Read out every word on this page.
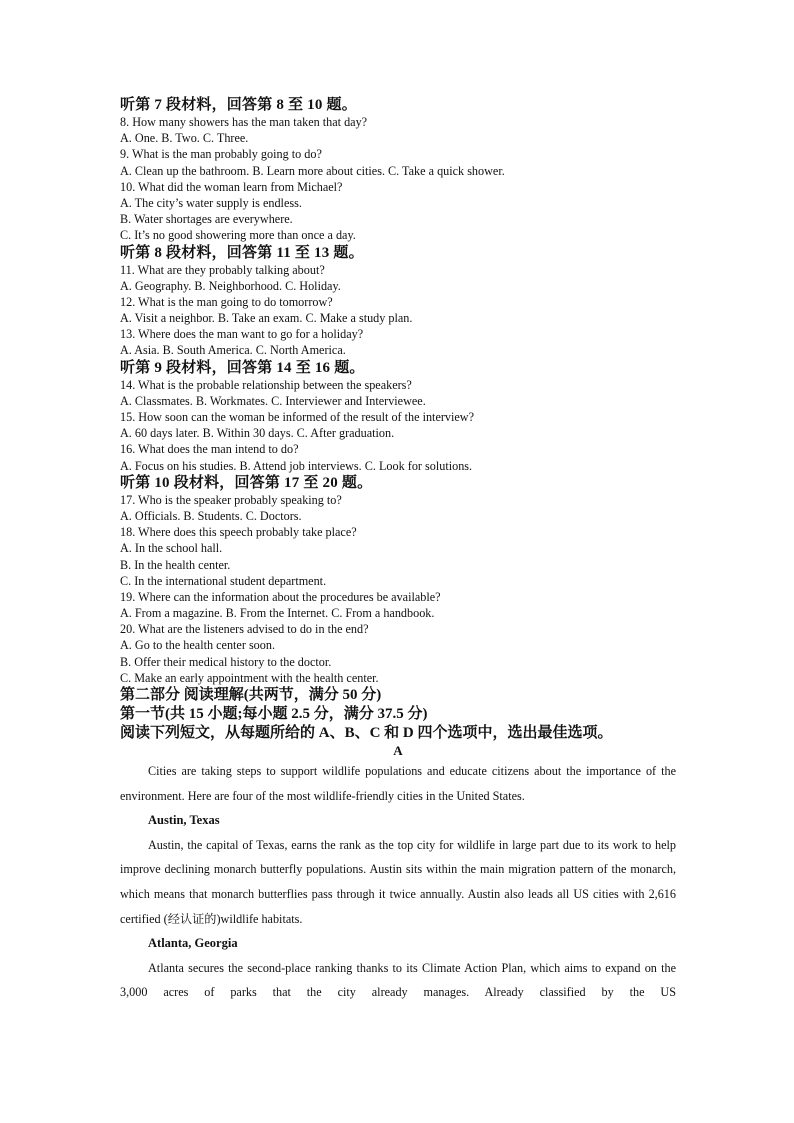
听第 7 段材料，回答第 8 至 10 题。
8. How many showers has the man taken that day?
A. One. B. Two. C. Three.
9. What is the man probably going to do?
A. Clean up the bathroom. B. Learn more about cities. C. Take a quick shower.
10. What did the woman learn from Michael?
A. The city’s water supply is endless.
B. Water shortages are everywhere.
C. It’s no good showering more than once a day.
听第 8 段材料，回答第 11 至 13 题。
11. What are they probably talking about?
A. Geography. B. Neighborhood. C. Holiday.
12. What is the man going to do tomorrow?
A. Visit a neighbor. B. Take an exam. C. Make a study plan.
13. Where does the man want to go for a holiday?
A. Asia. B. South America. C. North America.
听第 9 段材料，回答第 14 至 16 题。
14. What is the probable relationship between the speakers?
A. Classmates. B. Workmates. C. Interviewer and Interviewee.
15. How soon can the woman be informed of the result of the interview?
A. 60 days later. B. Within 30 days. C. After graduation.
16. What does the man intend to do?
A. Focus on his studies. B. Attend job interviews. C. Look for solutions.
听第 10 段材料，回答第 17 至 20 题。
17. Who is the speaker probably speaking to?
A. Officials. B. Students. C. Doctors.
18. Where does this speech probably take place?
A. In the school hall.
B. In the health center.
C. In the international student department.
19. Where can the information about the procedures be available?
A. From a magazine. B. From the Internet. C. From a handbook.
20. What are the listeners advised to do in the end?
A. Go to the health center soon.
B. Offer their medical history to the doctor.
C. Make an early appointment with the health center.
第二部分 阅读理解(共两节，满分 50 分)
第一节(共 15 小题;每小题 2.5 分，满分 37.5 分)
阅读下列短文，从每题所给的 A、B、C 和 D 四个选项中，选出最佳选项。
A

Cities are taking steps to support wildlife populations and educate citizens about the importance of the environment. Here are four of the most wildlife-friendly cities in the United States.

Austin, Texas

Austin, the capital of Texas, earns the rank as the top city for wildlife in large part due to its work to help improve declining monarch butterfly populations. Austin sits within the main migration pattern of the monarch, which means that monarch butterflies pass through it twice annually. Austin also leads all US cities with 2,616 certified (经认证的)wildlife habitats.

Atlanta, Georgia

Atlanta secures the second-place ranking thanks to its Climate Action Plan, which aims to expand on the 3,000 acres of parks that the city already manages. Already classified by the US
